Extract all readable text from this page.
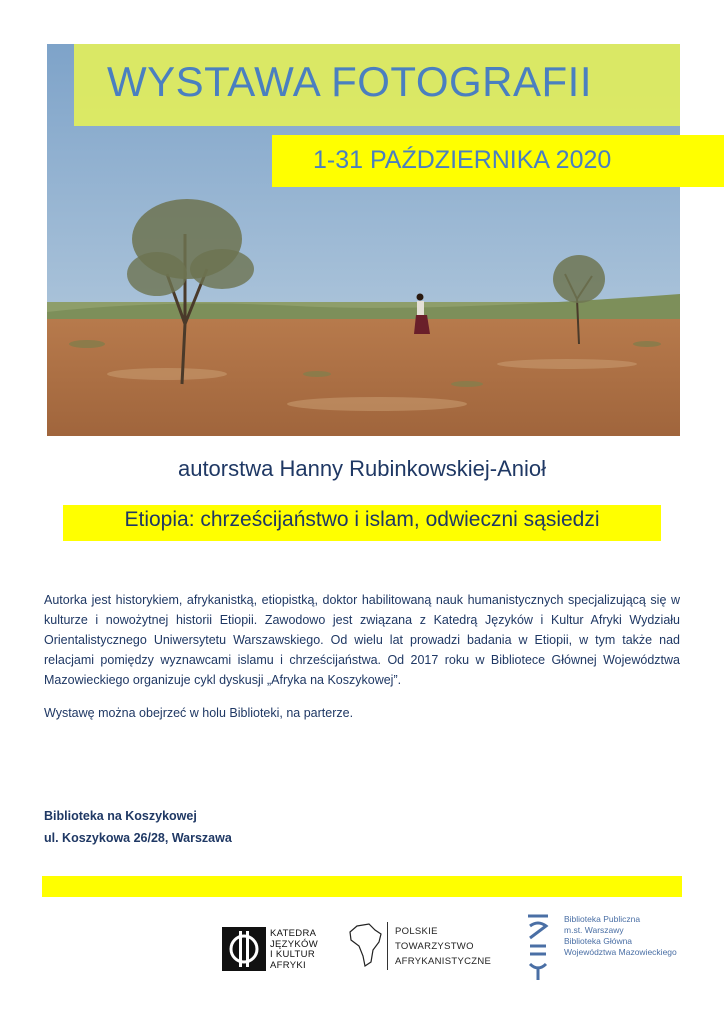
WYSTAWA FOTOGRAFII
1-31 PAŹDZIERNIKA 2020
autorstwa Hanny Rubinkowskiej-Anioł
Etiopia: chrześcijaństwo i islam, odwieczni sąsiedzi

Autorka jest historykiem, afrykanistką, etiopistką, doktor habilitowaną nauk humanistycznych specjalizującą się w kulturze i nowożytnej historii Etiopii. Zawodowo jest związana z Katedrą Języków i Kultur Afryki Wydziału Orientalistycznego Uniwersytetu Warszawskiego. Od wielu lat prowadzi badania w Etiopii, w tym także nad relacjami pomiędzy wyznawcami islamu i chrześcijaństwa. Od 2017 roku w Bibliotece Głównej Województwa Mazowieckiego organizuje cykl dyskusji „Afryka na Koszykowej”.

Wystawę można obejrzeć w holu Biblioteki, na parterze.

Biblioteka na Koszykowej
ul. Koszykowa 26/28, Warszawa
KATEDRA
JĘZYKÓW
I KULTUR
AFRYKI
POLSKIE
TOWARZYSTWO
AFRYKANISTYCZNE
Biblioteka Publiczna
m.st. Warszawy
Biblioteka Główna
Województwa Mazowieckiego
